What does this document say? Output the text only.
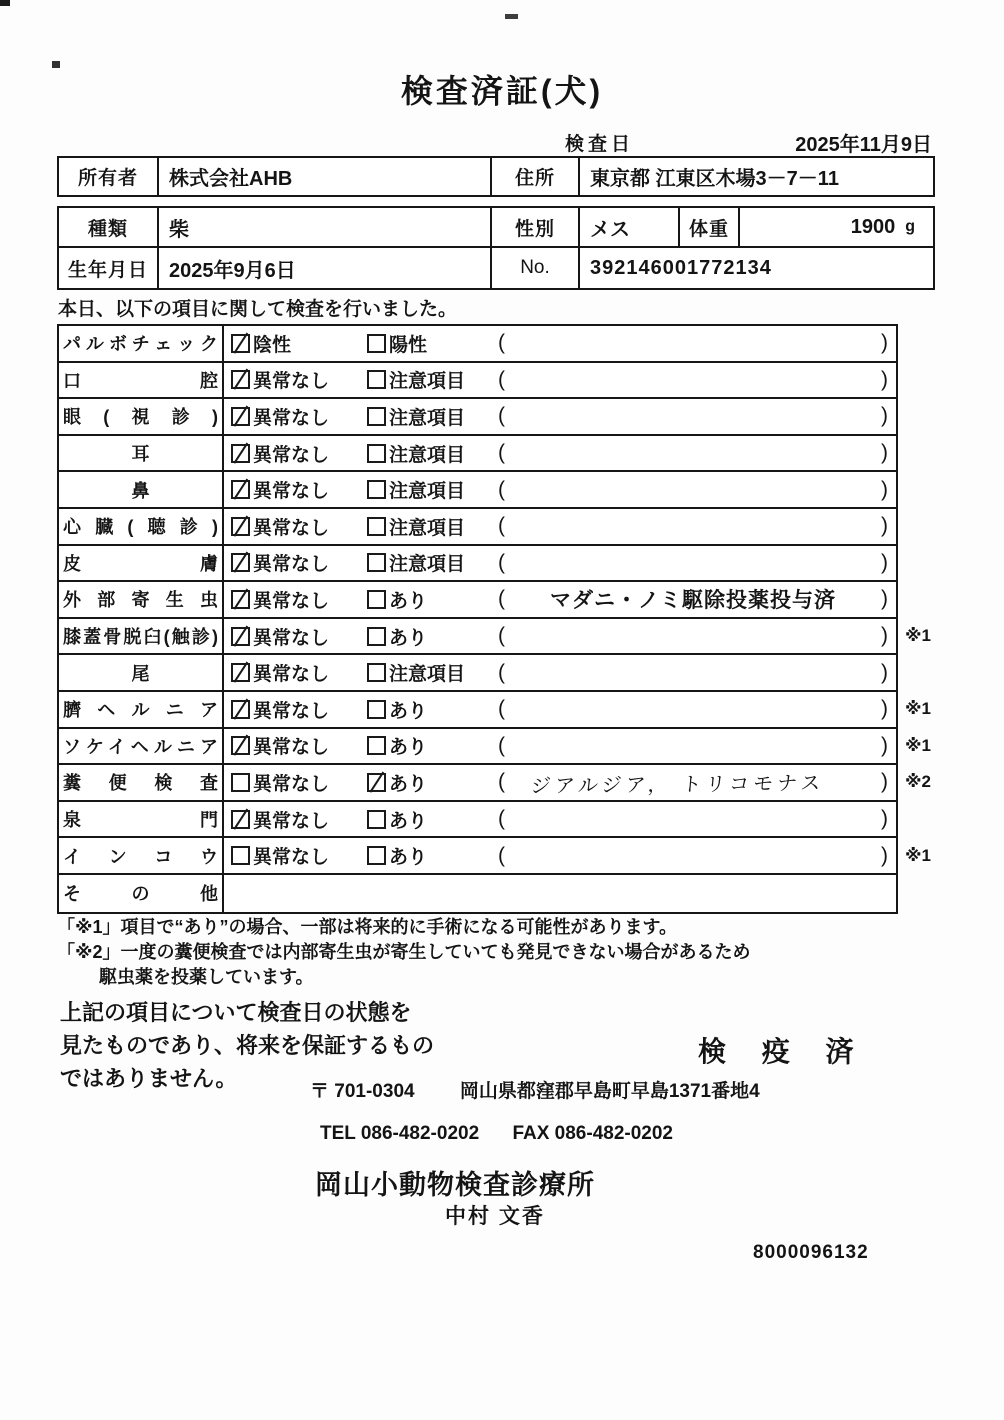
検査済証(犬)
検査日	2025年11月9日
所有者	株式会社AHB	住所	東京都 江東区木場3－7－11
種類	柴	性別	メス	体重	1900 g
生年月日	2025年9月6日	No.	392146001772134
本日、以下の項目に関して検査を行いました。
パルボチェック 陰性	陽性	(	)
口腔 異常なし	注意項目 (	)
眼(視診) 異常なし	注意項目 (	)
耳	異常なし	注意項目 (	)
鼻	異常なし	注意項目 (	)
心臓(聴診) 異常なし	注意項目 (	)
皮膚 異常なし	注意項目 (	)
外部寄生虫 異常なし	あり	(	マダニ・ノミ駆除投薬投与済	)
膝蓋骨脱臼(触診) 異常なし	あり	(	) ※1
尾	異常なし	注意項目 (	)
臍ヘルニア 異常なし	あり	(	) ※1
ソケイヘルニア 異常なし	あり	(	) ※1
糞便検査 異常なし	あり	(	ジアルジア， トリコモナス	) ※2
泉門 異常なし	あり	(	)
インコウ 異常なし	あり	(	) ※1
その他
「※1」項目で“あり”の場合、一部は将来的に手術になる可能性があります。
「※2」一度の糞便検査では内部寄生虫が寄生していても発見できない場合があるため
駆虫薬を投薬しています。
上記の項目について検査日の状態を
見たものであり、将来を保証するもの
ではありません。
検 疫 済
〒 701-0304 岡山県都窪郡早島町早島1371番地4
TEL 086-482-0202 FAX 086-482-0202
岡山小動物検査診療所
中村 文香
8000096132
